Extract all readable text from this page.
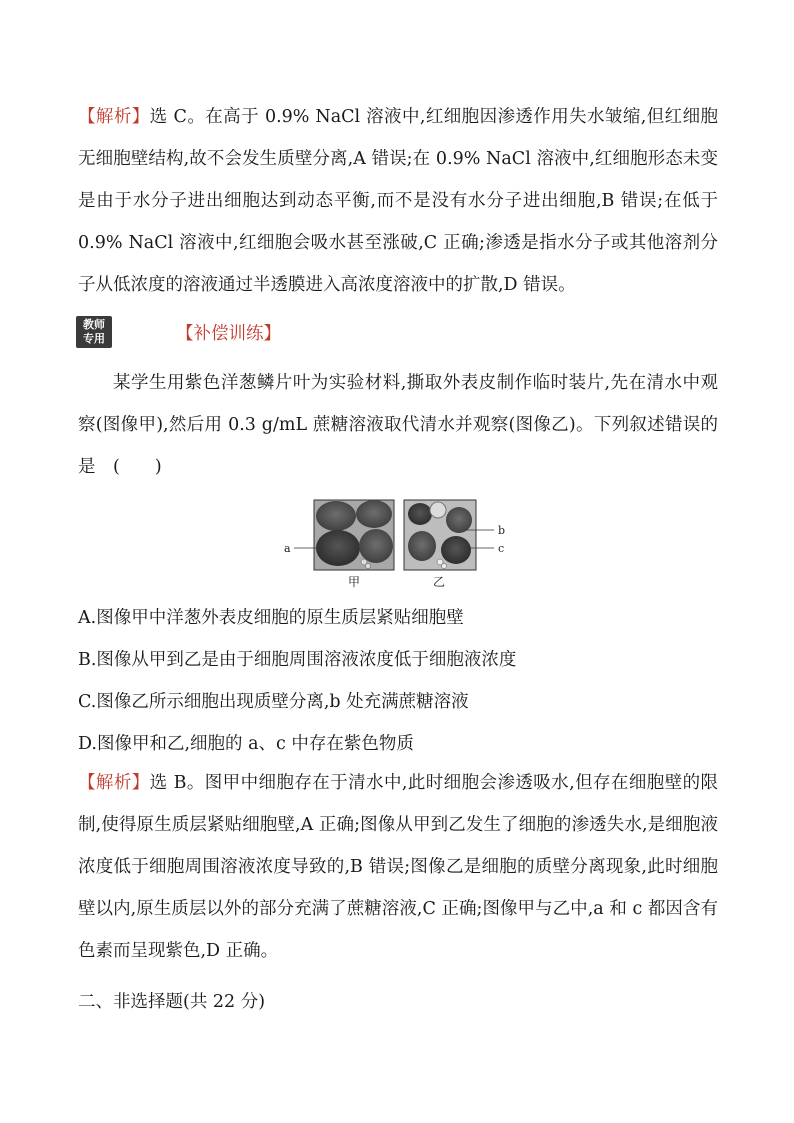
【解析】选 C。在高于 0.9% NaCl 溶液中,红细胞因渗透作用失水皱缩,但红细胞无细胞壁结构,故不会发生质壁分离,A 错误;在 0.9% NaCl 溶液中,红细胞形态未变是由于水分子进出细胞达到动态平衡,而不是没有水分子进出细胞,B 错误;在低于 0.9% NaCl 溶液中,红细胞会吸水甚至涨破,C 正确;渗透是指水分子或其他溶剂分子从低浓度的溶液通过半透膜进入高浓度溶液中的扩散,D 错误。

教师
专用	【补偿训练】

某学生用紫色洋葱鳞片叶为实验材料,撕取外表皮制作临时装片,先在清水中观察(图像甲),然后用 0.3 g/mL 蔗糖溶液取代清水并观察(图像乙)。下列叙述错误的是　(　　)

a
b
c
甲	乙
A.图像甲中洋葱外表皮细胞的原生质层紧贴细胞壁
B.图像从甲到乙是由于细胞周围溶液浓度低于细胞液浓度
C.图像乙所示细胞出现质壁分离,b 处充满蔗糖溶液
D.图像甲和乙,细胞的 a、c 中存在紫色物质

【解析】选 B。图甲中细胞存在于清水中,此时细胞会渗透吸水,但存在细胞壁的限制,使得原生质层紧贴细胞壁,A 正确;图像从甲到乙发生了细胞的渗透失水,是细胞液浓度低于细胞周围溶液浓度导致的,B 错误;图像乙是细胞的质壁分离现象,此时细胞壁以内,原生质层以外的部分充满了蔗糖溶液,C 正确;图像甲与乙中,a 和 c 都因含有色素而呈现紫色,D 正确。

二、非选择题(共 22 分)
